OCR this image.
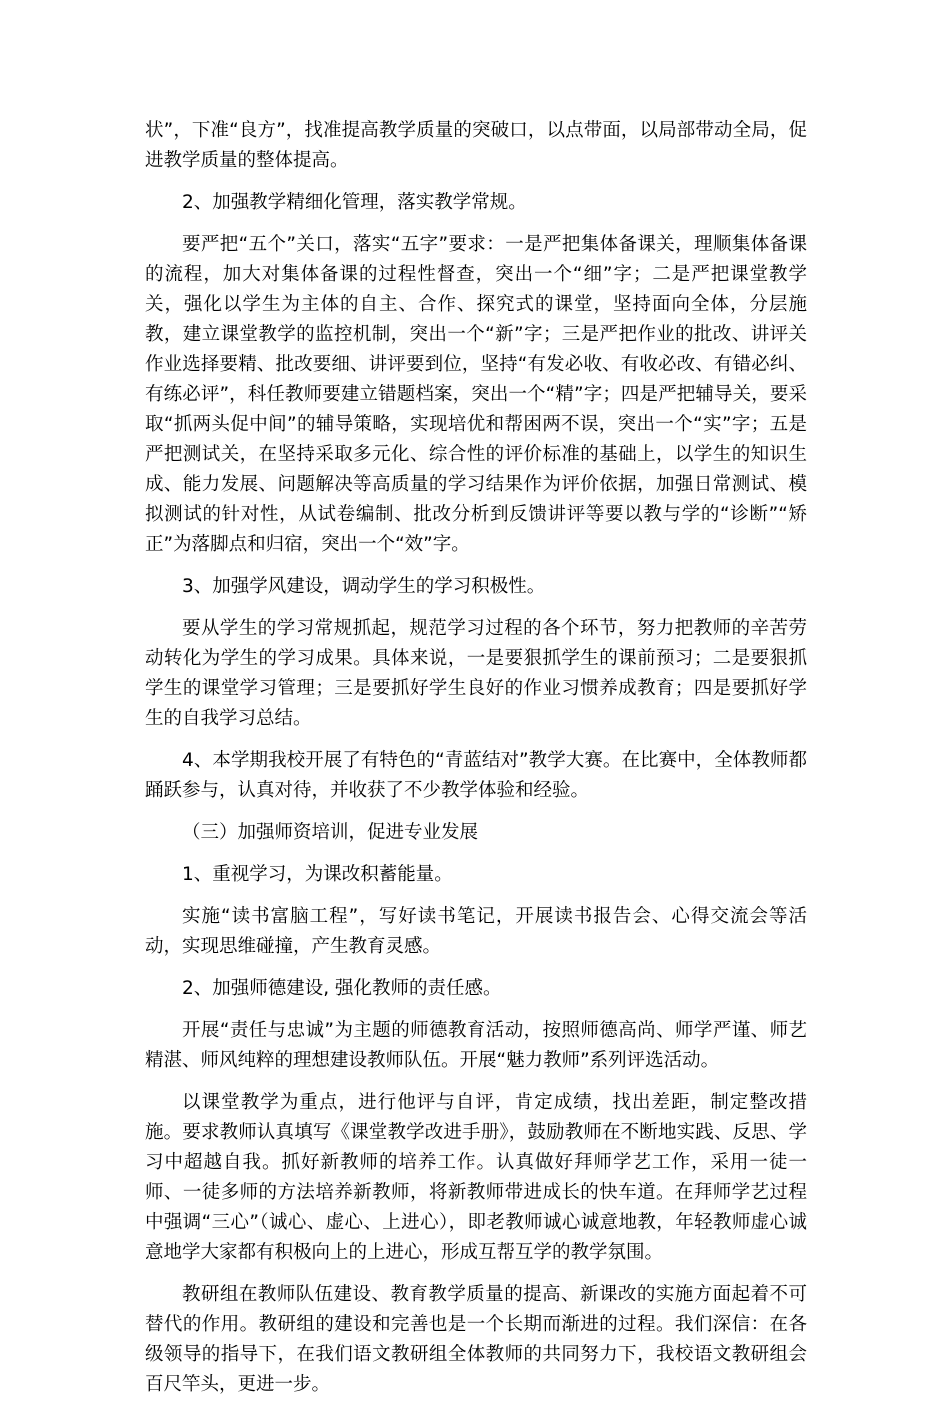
状”，下准“良方”，找准提高教学质量的突破口，以点带面，以局部带动全局，促进教学质量的整体提高。

2、加强教学精细化管理，落实教学常规。

要严把“五个”关口，落实“五字”要求：一是严把集体备课关，理顺集体备课的流程，加大对集体备课的过程性督查，突出一个“细”字；二是严把课堂教学关，强化以学生为主体的自主、合作、探究式的课堂，坚持面向全体，分层施教，建立课堂教学的监控机制，突出一个“新”字；三是严把作业的批改、讲评关作业选择要精、批改要细、讲评要到位，坚持“有发必收、有收必改、有错必纠、有练必评”，科任教师要建立错题档案，突出一个“精”字；四是严把辅导关，要采取“抓两头促中间”的辅导策略，实现培优和帮困两不误，突出一个“实”字；五是严把测试关，在坚持采取多元化、综合性的评价标准的基础上，以学生的知识生成、能力发展、问题解决等高质量的学习结果作为评价依据，加强日常测试、模拟测试的针对性，从试卷编制、批改分析到反馈讲评等要以教与学的“诊断”“矫正”为落脚点和归宿，突出一个“效”字。

3、加强学风建设，调动学生的学习积极性。

要从学生的学习常规抓起，规范学习过程的各个环节，努力把教师的辛苦劳动转化为学生的学习成果。具体来说，一是要狠抓学生的课前预习；二是要狠抓学生的课堂学习管理；三是要抓好学生良好的作业习惯养成教育；四是要抓好学生的自我学习总结。

4、本学期我校开展了有特色的“青蓝结对”教学大赛。在比赛中，全体教师都踊跃参与，认真对待，并收获了不少教学体验和经验。

（三）加强师资培训，促进专业发展

1、重视学习，为课改积蓄能量。

实施“读书富脑工程”，写好读书笔记，开展读书报告会、心得交流会等活动，实现思维碰撞，产生教育灵感。

2、加强师德建设, 强化教师的责任感。

开展“责任与忠诚”为主题的师德教育活动，按照师德高尚、师学严谨、师艺精湛、师风纯粹的理想建设教师队伍。开展“魅力教师”系列评选活动。

以课堂教学为重点，进行他评与自评，肯定成绩，找出差距，制定整改措施。要求教师认真填写《课堂教学改进手册》，鼓励教师在不断地实践、反思、学习中超越自我。抓好新教师的培养工作。认真做好拜师学艺工作，采用一徒一师、一徒多师的方法培养新教师，将新教师带进成长的快车道。在拜师学艺过程中强调“三心”（诚心、虚心、上进心），即老教师诚心诚意地教，年轻教师虚心诚意地学大家都有积极向上的上进心，形成互帮互学的教学氛围。

教研组在教师队伍建设、教育教学质量的提高、新课改的实施方面起着不可替代的作用。教研组的建设和完善也是一个长期而渐进的过程。我们深信：在各级领导的指导下，在我们语文教研组全体教师的共同努力下，我校语文教研组会百尺竿头，更进一步。
